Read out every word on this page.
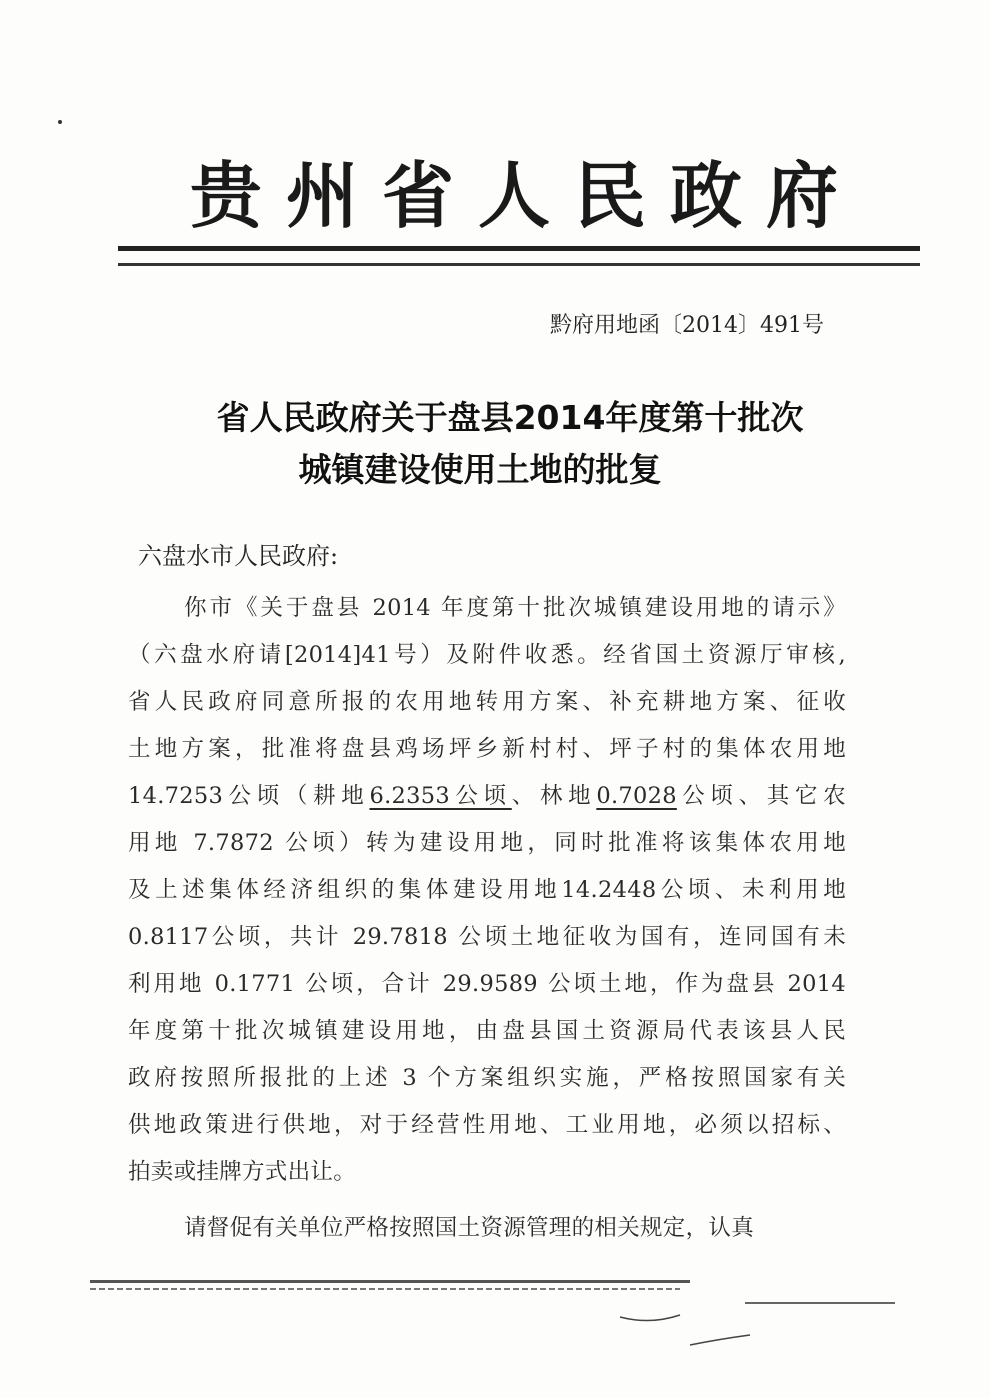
贵州省人民政府
黔府用地函〔2014〕491号
省人民政府关于盘县2014年度第十批次
城镇建设使用土地的批复
六盘水市人民政府:
你市《关于盘县 2014 年度第十批次城镇建设用地的请示》
（六盘水府请[2014]41号）及附件收悉。经省国土资源厅审核,
省人民政府同意所报的农用地转用方案、补充耕地方案、征收
土地方案，批准将盘县鸡场坪乡新村村、坪子村的集体农用地
14.7253公顷（耕地6.2353公顷、林地0.7028公顷、其它农
用地 7.7872 公顷）转为建设用地，同时批准将该集体农用地
及上述集体经济组织的集体建设用地14.2448公顷、未利用地
0.8117公顷，共计 29.7818 公顷土地征收为国有，连同国有未
利用地 0.1771 公顷，合计 29.9589 公顷土地，作为盘县 2014
年度第十批次城镇建设用地，由盘县国土资源局代表该县人民
政府按照所报批的上述 3 个方案组织实施，严格按照国家有关
供地政策进行供地，对于经营性用地、工业用地，必须以招标、
拍卖或挂牌方式出让。
请督促有关单位严格按照国土资源管理的相关规定，认真
